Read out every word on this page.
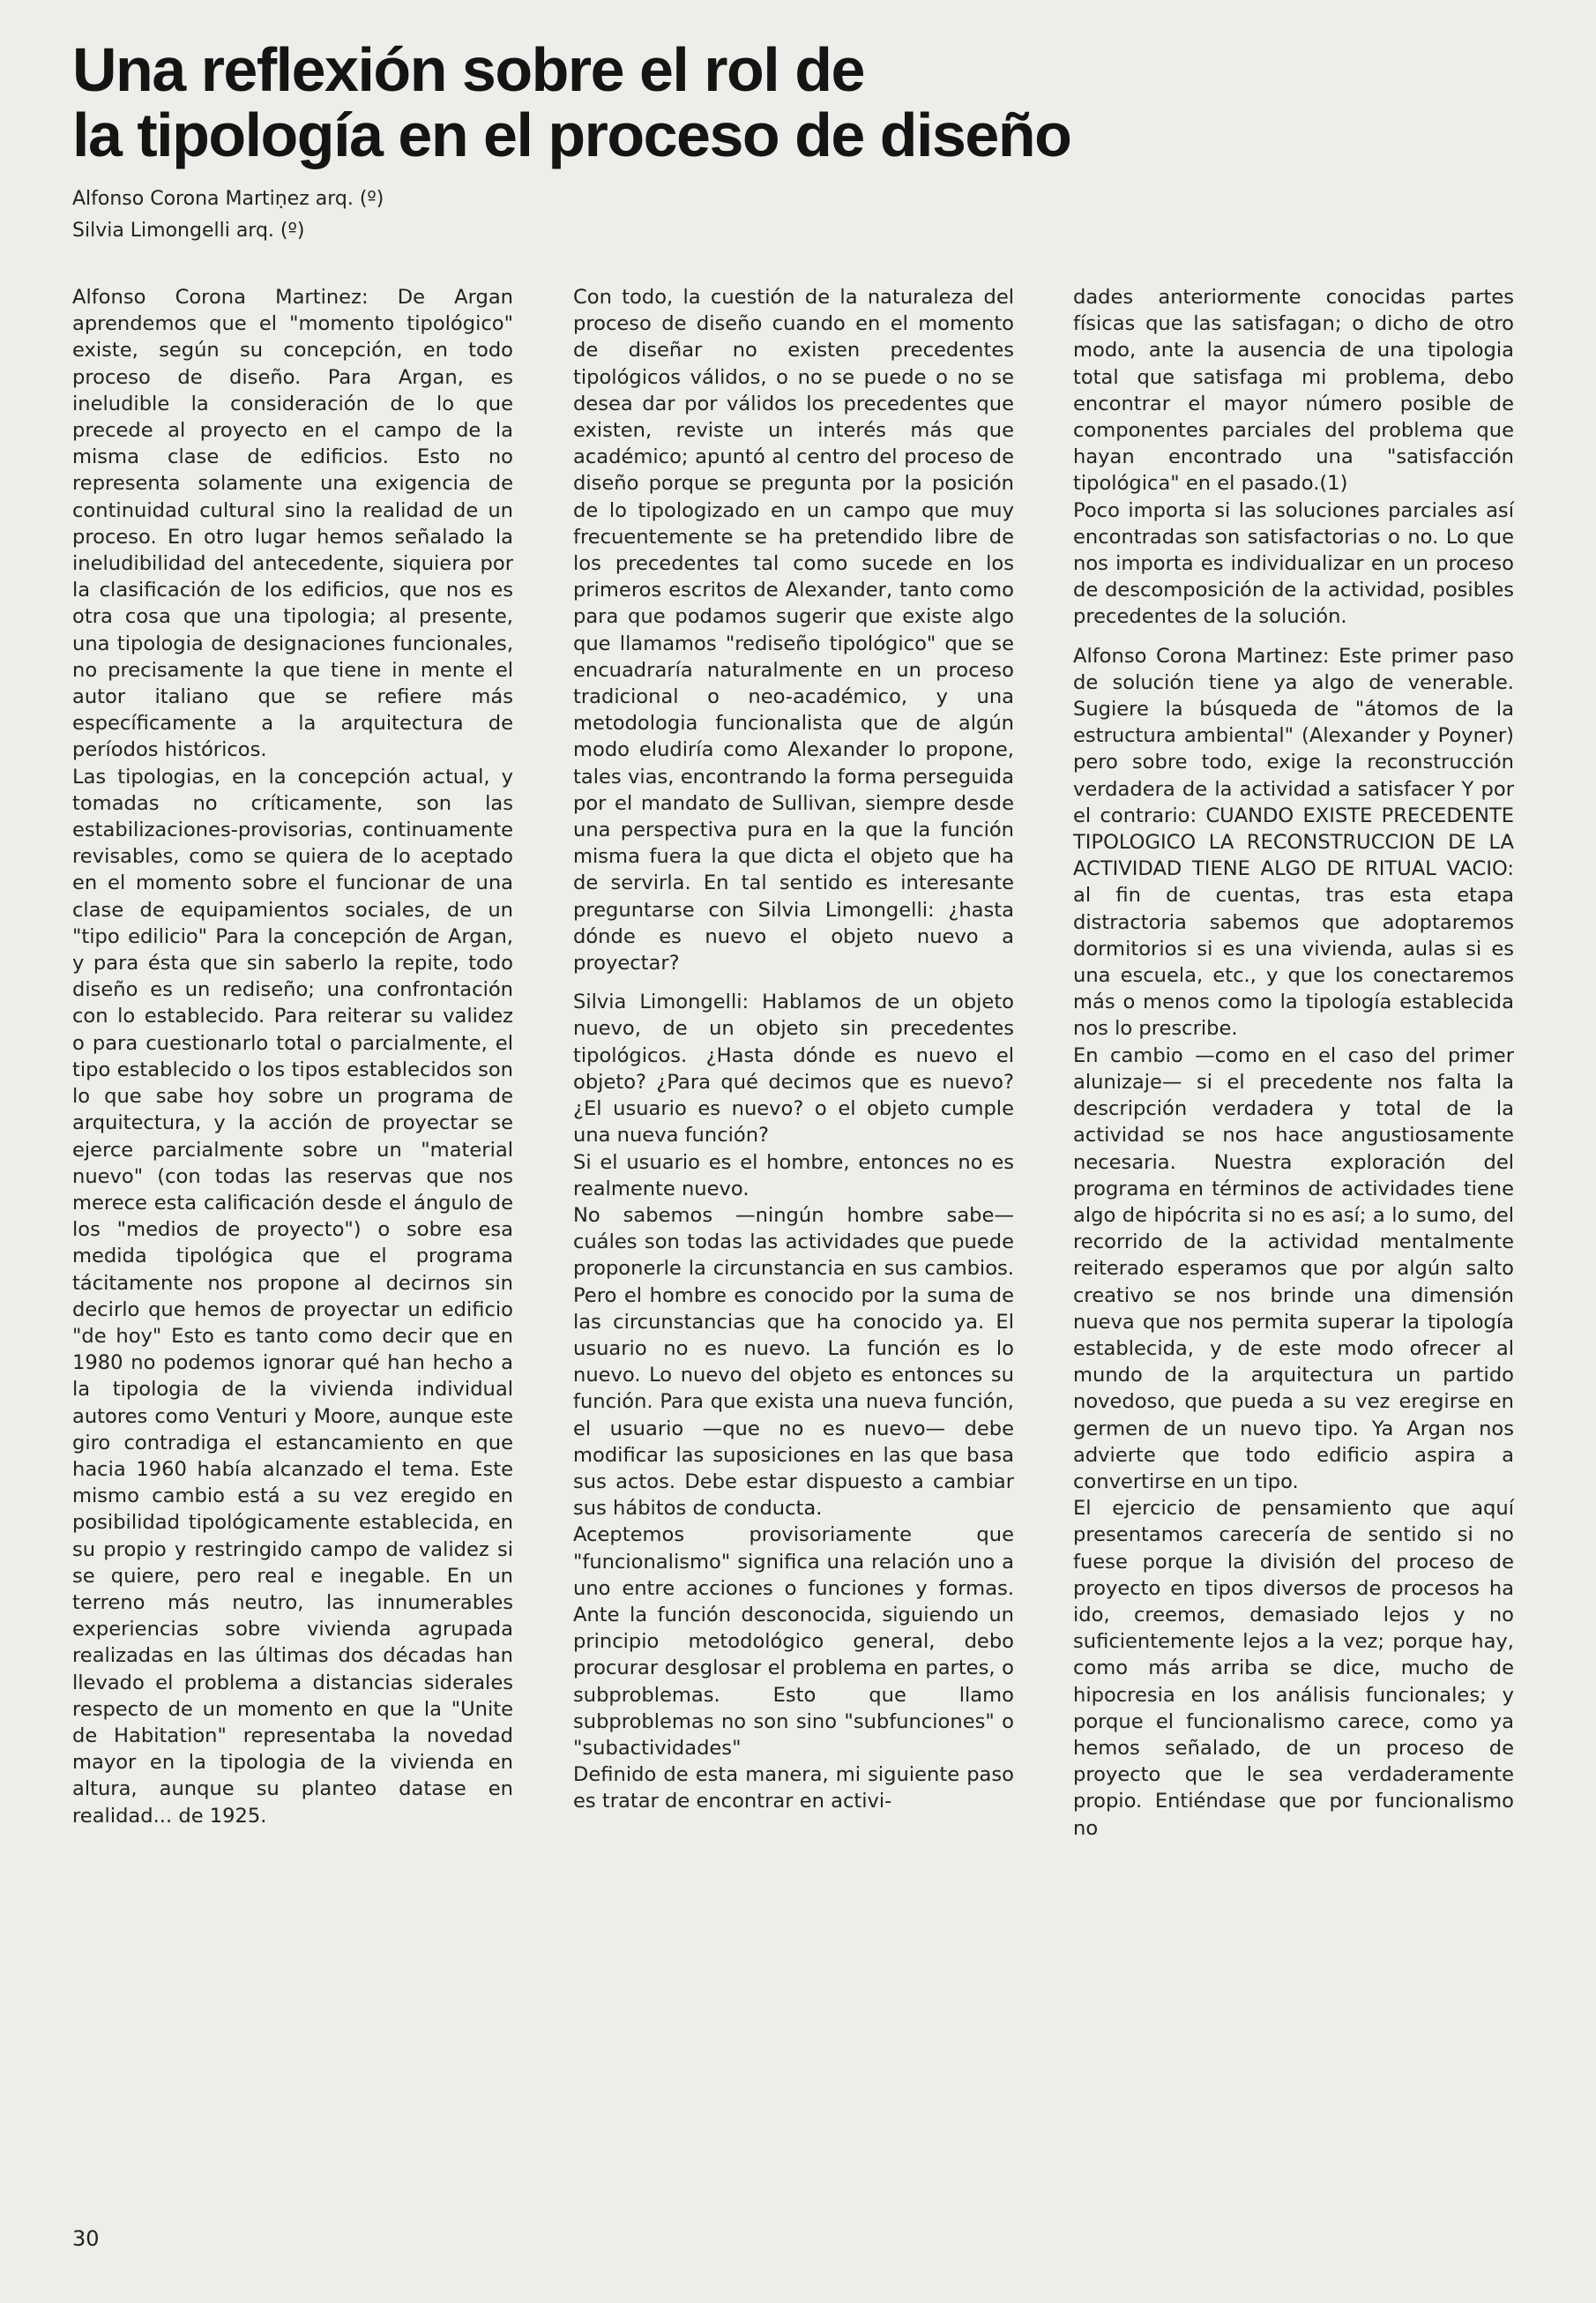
Una reflexión sobre el rol de
la tipología en el proceso de diseño
Alfonso Corona Martiṇez arq. (º)
Silvia Limongelli arq. (º)

Alfonso Corona Martinez: De Argan aprendemos que el "momento tipológico" existe, según su concepción, en todo proceso de diseño. Para Argan, es ineludible la consideración de lo que precede al proyecto en el campo de la misma clase de edificios. Esto no representa solamente una exigencia de continuidad cultural sino la realidad de un proceso. En otro lugar hemos señalado la ineludibilidad del antecedente, siquiera por la clasificación de los edificios, que nos es otra cosa que una tipologia; al presente, una tipologia de designaciones funcionales, no precisamente la que tiene in mente el autor italiano que se refiere más específicamente a la arquitectura de períodos históricos.

Las tipologias, en la concepción actual, y tomadas no críticamente, son las estabilizaciones-provisorias, continuamente revisables, como se quiera de lo aceptado en el momento sobre el funcionar de una clase de equipamientos sociales, de un "tipo edilicio" Para la concepción de Argan, y para ésta que sin saberlo la repite, todo diseño es un rediseño; una confrontación con lo establecido. Para reiterar su validez o para cuestionarlo total o parcialmente, el tipo establecido o los tipos establecidos son lo que sabe hoy sobre un programa de arquitectura, y la acción de proyectar se ejerce parcialmente sobre un "material nuevo" (con todas las reservas que nos merece esta calificación desde el ángulo de los "medios de proyecto") o sobre esa medida tipológica que el programa tácitamente nos propone al decirnos sin decirlo que hemos de proyectar un edificio "de hoy" Esto es tanto como decir que en 1980 no podemos ignorar qué han hecho a la tipologia de la vivienda individual autores como Venturi y Moore, aunque este giro contradiga el estancamiento en que hacia 1960 había alcanzado el tema. Este mismo cambio está a su vez eregido en posibilidad tipológicamente establecida, en su propio y restringido campo de validez si se quiere, pero real e inegable. En un terreno más neutro, las innumerables experiencias sobre vivienda agrupada realizadas en las últimas dos décadas han llevado el problema a distancias siderales respecto de un momento en que la "Unite de Habitation" representaba la novedad mayor en la tipologia de la vivienda en altura, aunque su planteo datase en realidad... de 1925.

Con todo, la cuestión de la naturaleza del proceso de diseño cuando en el momento de diseñar no existen precedentes tipológicos válidos, o no se puede o no se desea dar por válidos los precedentes que existen, reviste un interés más que académico; apuntó al centro del proceso de diseño porque se pregunta por la posición de lo tipologizado en un campo que muy frecuentemente se ha pretendido libre de los precedentes tal como sucede en los primeros escritos de Alexander, tanto como para que podamos sugerir que existe algo que llamamos "rediseño tipológico" que se encuadraría naturalmente en un proceso tradicional o neo-académico, y una metodologia funcionalista que de algún modo eludiría como Alexander lo propone, tales vias, encontrando la forma perseguida por el mandato de Sullivan, siempre desde una perspectiva pura en la que la función misma fuera la que dicta el objeto que ha de servirla. En tal sentido es interesante preguntarse con Silvia Limongelli: ¿hasta dónde es nuevo el objeto nuevo a proyectar?

Silvia Limongelli: Hablamos de un objeto nuevo, de un objeto sin precedentes tipológicos. ¿Hasta dónde es nuevo el objeto? ¿Para qué decimos que es nuevo? ¿El usuario es nuevo? o el objeto cumple una nueva función?

Si el usuario es el hombre, entonces no es realmente nuevo.

No sabemos —ningún hombre sabe— cuáles son todas las actividades que puede proponerle la circunstancia en sus cambios. Pero el hombre es conocido por la suma de las circunstancias que ha conocido ya. El usuario no es nuevo. La función es lo nuevo. Lo nuevo del objeto es entonces su función. Para que exista una nueva función, el usuario —que no es nuevo— debe modificar las suposiciones en las que basa sus actos. Debe estar dispuesto a cambiar sus hábitos de conducta.

Aceptemos provisoriamente que "funcionalismo" significa una relación uno a uno entre acciones o funciones y formas. Ante la función desconocida, siguiendo un principio metodológico general, debo procurar desglosar el problema en partes, o subproblemas. Esto que llamo subproblemas no son sino "subfunciones" o "subactividades"

Definido de esta manera, mi siguiente paso es tratar de encontrar en activi-

dades anteriormente conocidas partes físicas que las satisfagan; o dicho de otro modo, ante la ausencia de una tipologia total que satisfaga mi problema, debo encontrar el mayor número posible de componentes parciales del problema que hayan encontrado una "satisfacción tipológica" en el pasado.(1)

Poco importa si las soluciones parciales así encontradas son satisfactorias o no. Lo que nos importa es individualizar en un proceso de descomposición de la actividad, posibles precedentes de la solución.

Alfonso Corona Martinez: Este primer paso de solución tiene ya algo de venerable. Sugiere la búsqueda de "átomos de la estructura ambiental" (Alexander y Poyner) pero sobre todo, exige la reconstrucción verdadera de la actividad a satisfacer Y por el contrario: CUANDO EXISTE PRECEDENTE TIPOLOGICO LA RECONSTRUCCION DE LA ACTIVIDAD TIENE ALGO DE RITUAL VACIO: al fin de cuentas, tras esta etapa distractoria sabemos que adoptaremos dormitorios si es una vivienda, aulas si es una escuela, etc., y que los conectaremos más o menos como la tipología establecida nos lo prescribe.

En cambio —como en el caso del primer alunizaje— si el precedente nos falta la descripción verdadera y total de la actividad se nos hace angustiosamente necesaria. Nuestra exploración del programa en términos de actividades tiene algo de hipócrita si no es así; a lo sumo, del recorrido de la actividad mentalmente reiterado esperamos que por algún salto creativo se nos brinde una dimensión nueva que nos permita superar la tipología establecida, y de este modo ofrecer al mundo de la arquitectura un partido novedoso, que pueda a su vez eregirse en germen de un nuevo tipo. Ya Argan nos advierte que todo edificio aspira a convertirse en un tipo.

El ejercicio de pensamiento que aquí presentamos carecería de sentido si no fuese porque la división del proceso de proyecto en tipos diversos de procesos ha ido, creemos, demasiado lejos y no suficientemente lejos a la vez; porque hay, como más arriba se dice, mucho de hipocresia en los análisis funcionales; y porque el funcionalismo carece, como ya hemos señalado, de un proceso de proyecto que le sea verdaderamente propio. Entiéndase que por funcionalismo no

30
